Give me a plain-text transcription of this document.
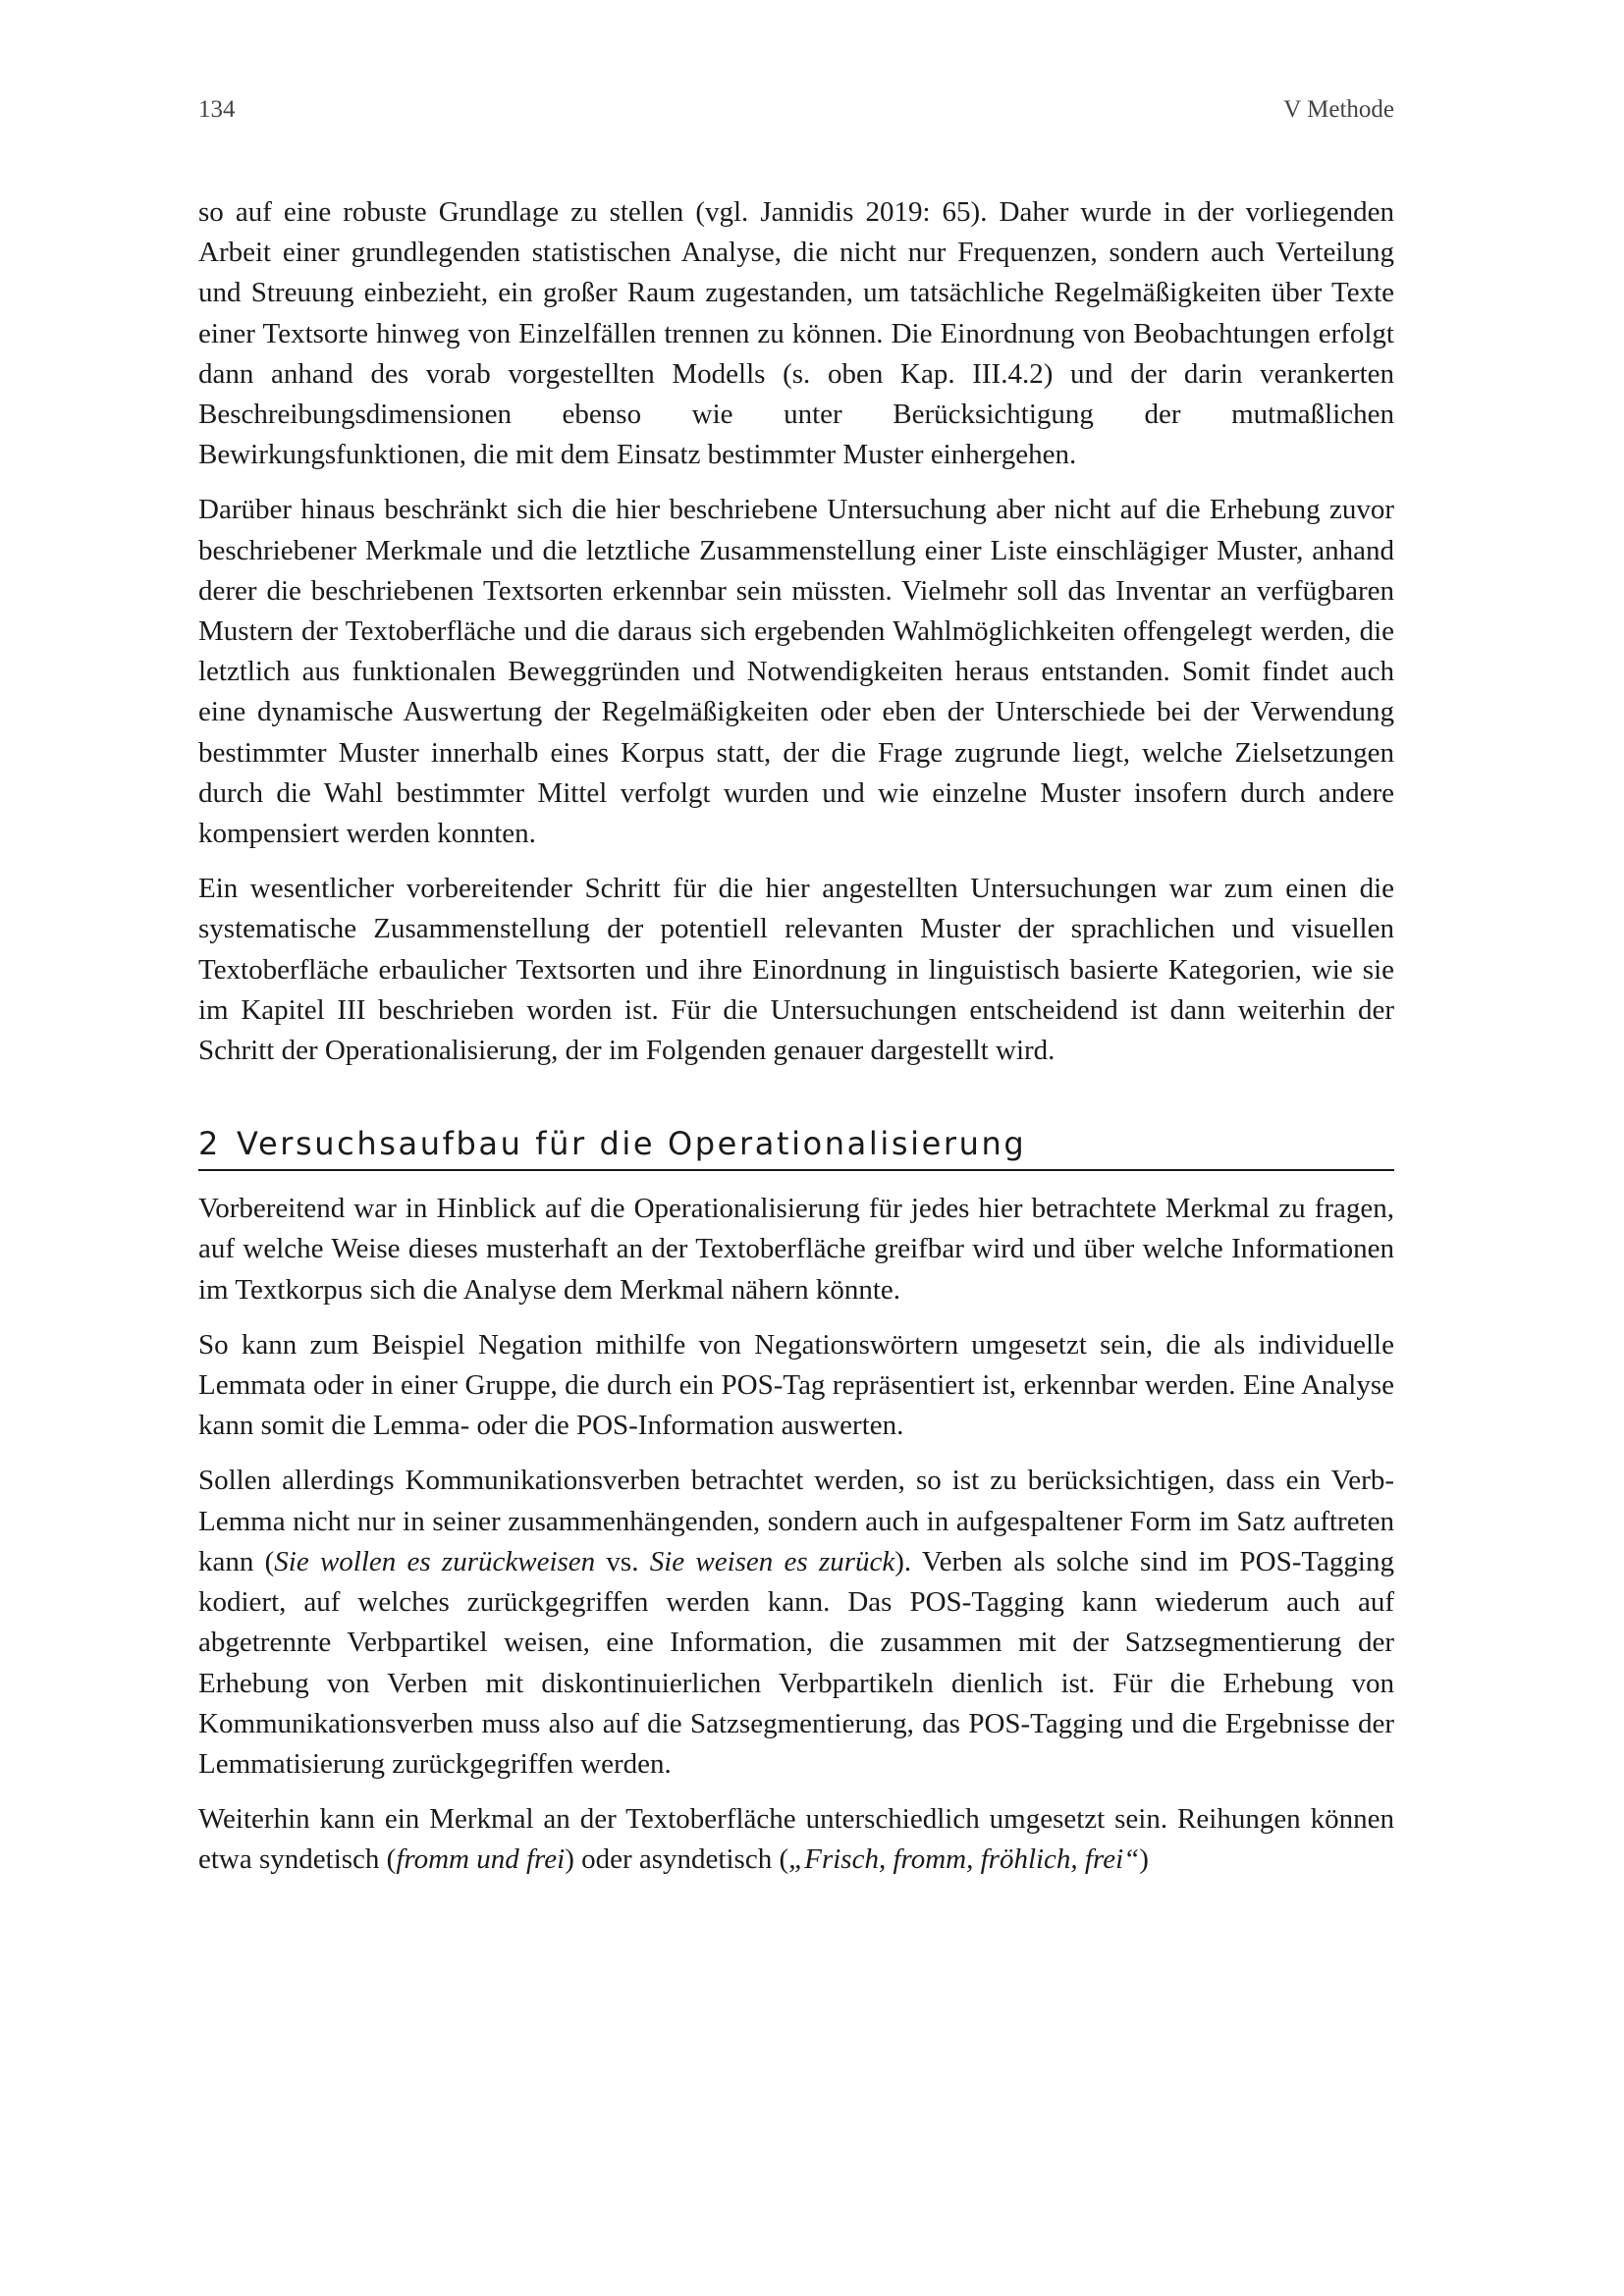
134	V Methode

so auf eine robuste Grundlage zu stellen (vgl. Jannidis 2019: 65). Daher wurde in der vorliegenden Arbeit einer grundlegenden statistischen Analyse, die nicht nur Frequenzen, sondern auch Verteilung und Streuung einbezieht, ein großer Raum zugestanden, um tatsächliche Regelmäßigkeiten über Texte einer Textsorte hinweg von Einzelfällen trennen zu können. Die Einordnung von Beobachtungen erfolgt dann anhand des vorab vorgestellten Modells (s. oben Kap. III.4.2) und der darin verankerten Beschreibungsdimensionen ebenso wie unter Berücksichtigung der mutmaßlichen Bewirkungsfunktionen, die mit dem Einsatz bestimmter Muster einhergehen.

Darüber hinaus beschränkt sich die hier beschriebene Untersuchung aber nicht auf die Erhebung zuvor beschriebener Merkmale und die letztliche Zusammenstellung einer Liste einschlägiger Muster, anhand derer die beschriebenen Textsorten erkennbar sein müssten. Vielmehr soll das Inventar an verfügbaren Mustern der Textoberfläche und die daraus sich ergebenden Wahlmöglichkeiten offengelegt werden, die letztlich aus funktionalen Beweggründen und Notwendigkeiten heraus entstanden. Somit findet auch eine dynamische Auswertung der Regelmäßigkeiten oder eben der Unterschiede bei der Verwendung bestimmter Muster innerhalb eines Korpus statt, der die Frage zugrunde liegt, welche Zielsetzungen durch die Wahl bestimmter Mittel verfolgt wurden und wie einzelne Muster insofern durch andere kompensiert werden konnten.

Ein wesentlicher vorbereitender Schritt für die hier angestellten Untersuchungen war zum einen die systematische Zusammenstellung der potentiell relevanten Muster der sprachlichen und visuellen Textoberfläche erbaulicher Textsorten und ihre Einordnung in linguistisch basierte Kategorien, wie sie im Kapitel III beschrieben worden ist. Für die Untersuchungen entscheidend ist dann weiterhin der Schritt der Operationalisierung, der im Folgenden genauer dargestellt wird.

2 Versuchsaufbau für die Operationalisierung

Vorbereitend war in Hinblick auf die Operationalisierung für jedes hier betrachtete Merkmal zu fragen, auf welche Weise dieses musterhaft an der Textoberfläche greifbar wird und über welche Informationen im Textkorpus sich die Analyse dem Merkmal nähern könnte.

So kann zum Beispiel Negation mithilfe von Negationswörtern umgesetzt sein, die als individuelle Lemmata oder in einer Gruppe, die durch ein POS-Tag repräsentiert ist, erkennbar werden. Eine Analyse kann somit die Lemma- oder die POS-Information auswerten.

Sollen allerdings Kommunikationsverben betrachtet werden, so ist zu berücksichtigen, dass ein Verb-Lemma nicht nur in seiner zusammenhängenden, sondern auch in aufgespaltener Form im Satz auftreten kann (Sie wollen es zurückweisen vs. Sie weisen es zurück). Verben als solche sind im POS-Tagging kodiert, auf welches zurückgegriffen werden kann. Das POS-Tagging kann wiederum auch auf abgetrennte Verbpartikel weisen, eine Information, die zusammen mit der Satzsegmentierung der Erhebung von Verben mit diskontinuierlichen Verbpartikeln dienlich ist. Für die Erhebung von Kommunikationsverben muss also auf die Satzsegmentierung, das POS-Tagging und die Ergebnisse der Lemmatisierung zurückgegriffen werden.

Weiterhin kann ein Merkmal an der Textoberfläche unterschiedlich umgesetzt sein. Reihungen können etwa syndetisch (fromm und frei) oder asyndetisch („Frisch, fromm, fröhlich, frei“)
